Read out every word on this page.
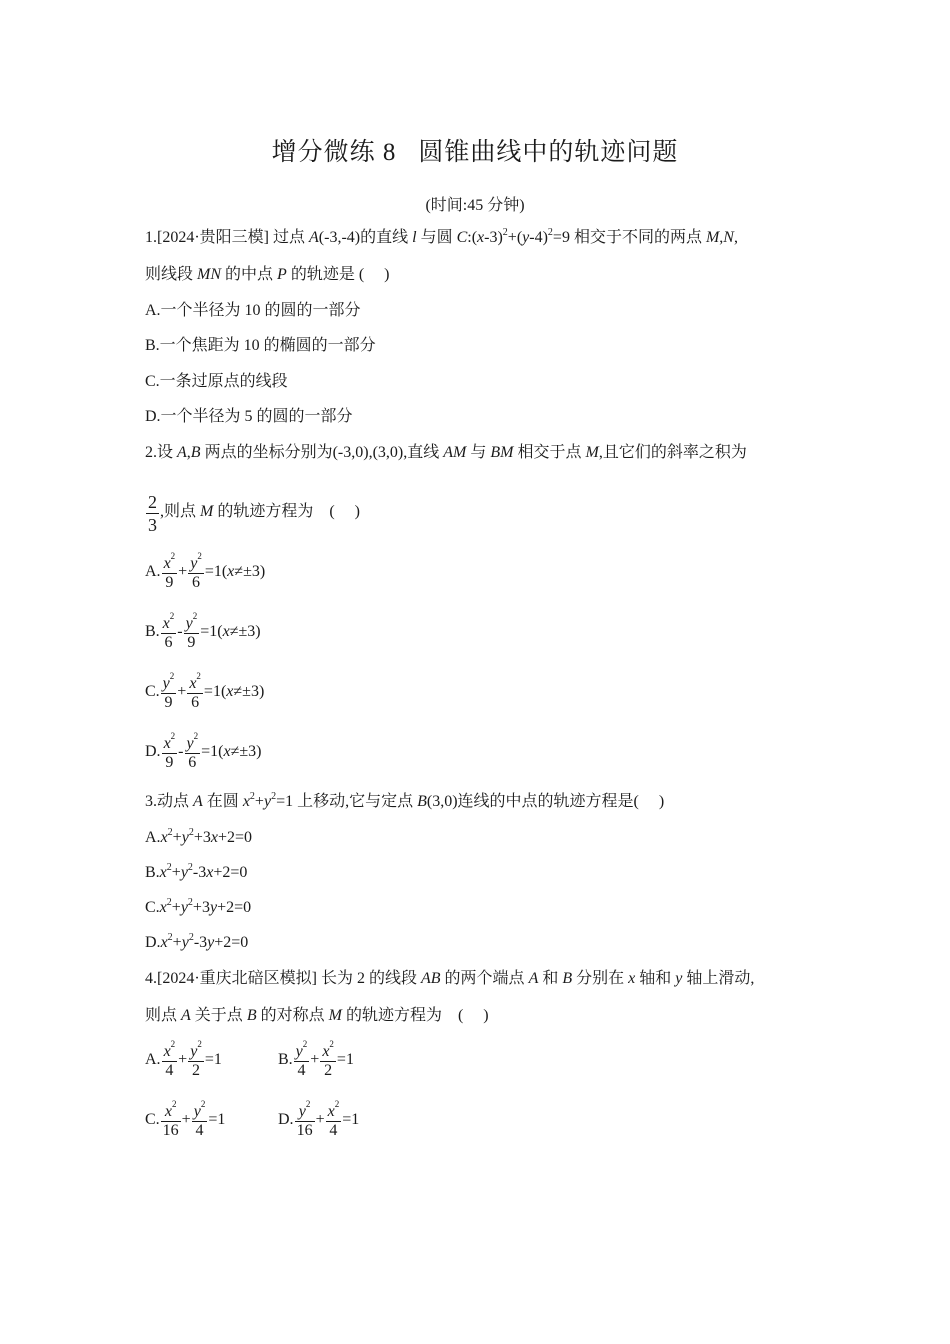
增分微练 8 圆锥曲线中的轨迹问题
(时间:45 分钟)
1.[2024·贵阳三模] 过点 A(-3,-4)的直线 l 与圆 $C:(x-3)^2+(y-4)^2=9$ 相交于不同的两点 M,N,
则线段 MN 的中点 P 的轨迹是 (  )
A.一个半径为 10 的圆的一部分
B.一个焦距为 10 的椭圆的一部分
C.一条过原点的线段
D.一个半径为 5 的圆的一部分
2.设 A,B 两点的坐标分别为(-3,0),(3,0),直线 AM 与 BM 相交于点 M,且它们的斜率之积为
$\frac{2}{3}$ ,则点 M 的轨迹方程为 (  )
A. $\frac{x^2}{9} + \frac{y^2}{6} =1(x\ne\pm 3)$
B. $\frac{x^2}{6} - \frac{y^2}{9} =1(x\ne\pm 3)$
C. $\frac{y^2}{9} + \frac{x^2}{6} =1(x\ne\pm 3)$
D. $\frac{x^2}{9} - \frac{y^2}{6} =1(x\ne\pm 3)$
3.动点 A 在圆 $x^2+y^2=1$ 上移动,它与定点 B(3,0)连线的中点的轨迹方程是(  )
$A.x^2+y^2+3x+2=0$
$B.x^2+y^2-3x+2=0$
$C.x^2+y^2+3y+2=0$
$D.x^2+y^2-3y+2=0$
4.[2024·重庆北碚区模拟] 长为 2 的线段 AB 的两个端点 A 和 B 分别在 x 轴和 y 轴上滑动,
则点 A 关于点 B 的对称点 M 的轨迹方程为 (  )
A. $\frac{x^2}{4} + \frac{y^2}{2} =1$	B. $\frac{y^2}{4} + \frac{x^2}{2} =1$
C. $\frac{x^2}{16} + \frac{y^2}{4} =1$	D. $\frac{y^2}{16} + \frac{x^2}{4} =1$
